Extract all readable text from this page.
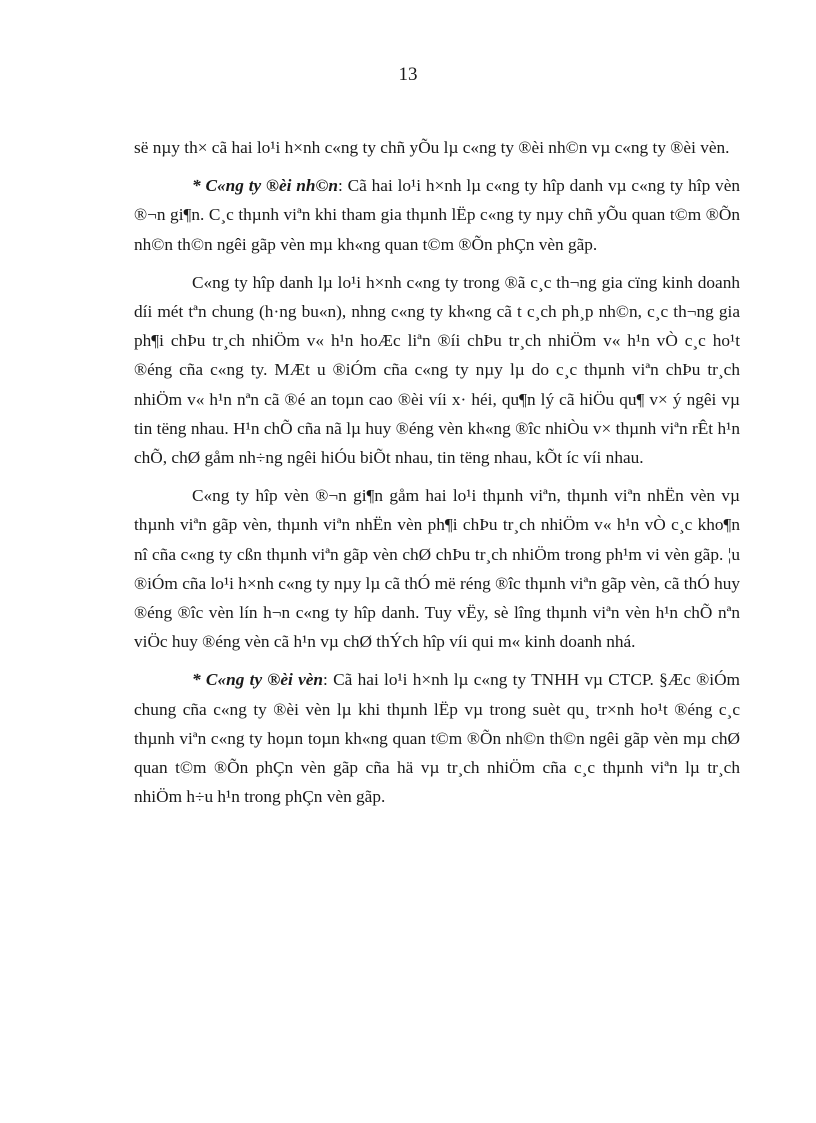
13

së nµy th× cã hai lo¹i h×nh c«ng ty chñ yÕu lµ c«ng ty ®èi nh©n vµ c«ng ty ®èi vèn.

* C«ng ty ®èi nh©n: Cã hai lo¹i h×nh lµ c«ng ty hîp danh vµ c«ng ty hîp vèn ®¬n gi¶n. C¸c thµnh viªn khi tham gia thµnh lËp c«ng ty nµy chñ yÕu quan t©m ®Õn nh©n th©n ngêi gãp vèn mµ kh«ng quan t©m ®Õn phÇn vèn gãp.

C«ng ty hîp danh lµ lo¹i h×nh c«ng ty trong ®ã c¸c th¬ng gia cïng kinh doanh díi mét tªn chung (h·ng bu«n), nhng c«ng ty kh«ng cã t c¸ch ph¸p nh©n, c¸c th¬ng gia ph¶i chÞu tr¸ch nhiÖm v« h¹n hoÆc liªn ®íi chÞu tr¸ch nhiÖm v« h¹n vÒ c¸c ho¹t ®éng cña c«ng ty. MÆt u ®iÓm cña c«ng ty nµy lµ do c¸c thµnh viªn chÞu tr¸ch nhiÖm v« h¹n nªn cã ®é an toµn cao ®èi víi x· héi, qu¶n lý cã hiÖu qu¶ v× ý ngêi vµ tin tëng nhau. H¹n chÕ cña nã lµ huy ®éng vèn kh«ng ®îc nhiÒu v× thµnh viªn rÊt h¹n chÕ, chØ gåm nh÷ng ngêi hiÓu biÕt nhau, tin tëng nhau, kÕt íc víi nhau.

C«ng ty hîp vèn ®¬n gi¶n gåm hai lo¹i thµnh viªn, thµnh viªn nhËn vèn vµ thµnh viªn gãp vèn, thµnh viªn nhËn vèn ph¶i chÞu tr¸ch nhiÖm v« h¹n vÒ c¸c kho¶n nî cña c«ng ty cßn thµnh viªn gãp vèn chØ chÞu tr¸ch nhiÖm trong ph¹m vi vèn gãp. ¦u ®iÓm cña lo¹i h×nh c«ng ty nµy lµ cã thÓ më réng ®îc thµnh viªn gãp vèn, cã thÓ huy ®éng ®îc vèn lín h¬n c«ng ty hîp danh. Tuy vËy, sè lîng thµnh viªn vèn h¹n chÕ nªn viÖc huy ®éng vèn cã h¹n vµ chØ thÝch hîp víi qui m« kinh doanh nhá.

* C«ng ty ®èi vèn: Cã hai lo¹i h×nh lµ c«ng ty TNHH vµ CTCP. §Æc ®iÓm chung cña c«ng ty ®èi vèn lµ khi thµnh lËp vµ trong suèt qu¸ tr×nh ho¹t ®éng c¸c thµnh viªn c«ng ty hoµn toµn kh«ng quan t©m ®Õn nh©n th©n ngêi gãp vèn mµ chØ quan t©m ®Õn phÇn vèn gãp cña hä vµ tr¸ch nhiÖm cña c¸c thµnh viªn lµ tr¸ch nhiÖm h÷u h¹n trong phÇn vèn gãp.
